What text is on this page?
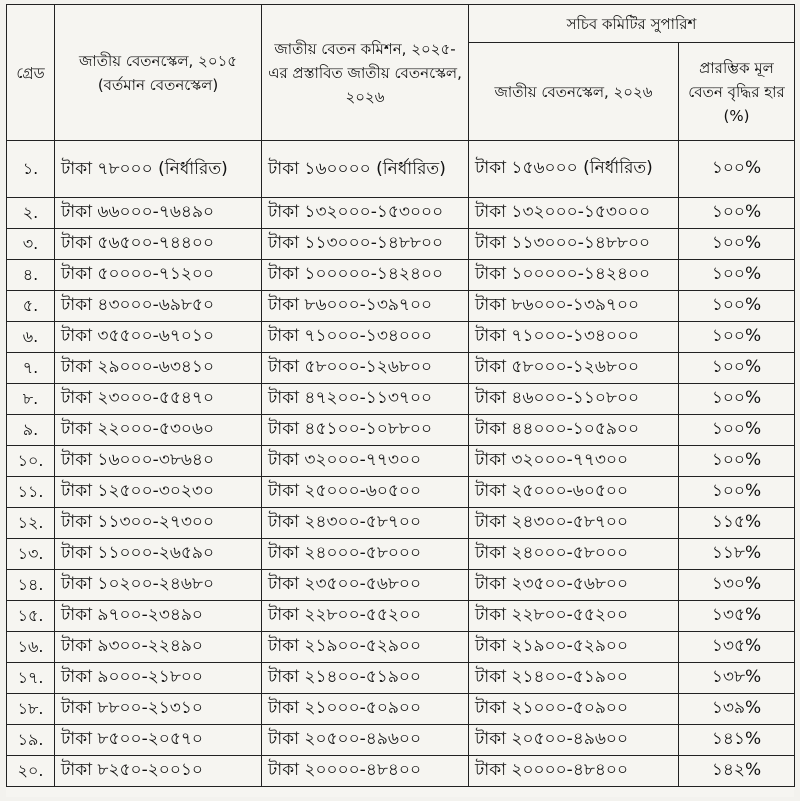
গ্রেড	জাতীয় বেতনস্কেল, ২০১৫ (বর্তমান বেতনস্কেল)	জাতীয় বেতন কমিশন, ২০২৫-এর প্রস্তাবিত জাতীয় বেতনস্কেল, ২০২৬	সচিব কমিটির সুপারিশ	
			জাতীয় বেতনস্কেল, ২০২৬	প্রারম্ভিক মূল বেতন বৃদ্ধির হার (%)
১.	টাকা ৭৮০০০ (নির্ধারিত)	টাকা ১৬০০০০ (নির্ধারিত)	টাকা ১৫৬০০০ (নির্ধারিত)	১০০%
২.	টাকা ৬৬০০০-৭৬৪৯০	টাকা ১৩২০০০-১৫৩০০০	টাকা ১৩২০০০-১৫৩০০০	১০০%
৩.	টাকা ৫৬৫০০-৭৪৪০০	টাকা ১১৩০০০-১৪৮৮০০	টাকা ১১৩০০০-১৪৮৮০০	১০০%
৪.	টাকা ৫০০০০-৭১২০০	টাকা ১০০০০০-১৪২৪০০	টাকা ১০০০০০-১৪২৪০০	১০০%
৫.	টাকা ৪৩০০০-৬৯৮৫০	টাকা ৮৬০০০-১৩৯৭০০	টাকা ৮৬০০০-১৩৯৭০০	১০০%
৬.	টাকা ৩৫৫০০-৬৭০১০	টাকা ৭১০০০-১৩৪০০০	টাকা ৭১০০০-১৩৪০০০	১০০%
৭.	টাকা ২৯০০০-৬৩৪১০	টাকা ৫৮০০০-১২৬৮০০	টাকা ৫৮০০০-১২৬৮০০	১০০%
৮.	টাকা ২৩০০০-৫৫৪৭০	টাকা ৪৭২০০-১১৩৭০০	টাকা ৪৬০০০-১১০৮০০	১০০%
৯.	টাকা ২২০০০-৫৩০৬০	টাকা ৪৫১০০-১০৮৮০০	টাকা ৪৪০০০-১০৫৯০০	১০০%
১০.	টাকা ১৬০০০-৩৮৬৪০	টাকা ৩২০০০-৭৭৩০০	টাকা ৩২০০০-৭৭৩০০	১০০%
১১.	টাকা ১২৫০০-৩০২৩০	টাকা ২৫০০০-৬০৫০০	টাকা ২৫০০০-৬০৫০০	১০০%
১২.	টাকা ১১৩০০-২৭৩০০	টাকা ২৪৩০০-৫৮৭০০	টাকা ২৪৩০০-৫৮৭০০	১১৫%
১৩.	টাকা ১১০০০-২৬৫৯০	টাকা ২৪০০০-৫৮০০০	টাকা ২৪০০০-৫৮০০০	১১৮%
১৪.	টাকা ১০২০০-২৪৬৮০	টাকা ২৩৫০০-৫৬৮০০	টাকা ২৩৫০০-৫৬৮০০	১৩০%
১৫.	টাকা ৯৭০০-২৩৪৯০	টাকা ২২৮০০-৫৫২০০	টাকা ২২৮০০-৫৫২০০	১৩৫%
১৬.	টাকা ৯৩০০-২২৪৯০	টাকা ২১৯০০-৫২৯০০	টাকা ২১৯০০-৫২৯০০	১৩৫%
১৭.	টাকা ৯০০০-২১৮০০	টাকা ২১৪০০-৫১৯০০	টাকা ২১৪০০-৫১৯০০	১৩৮%
১৮.	টাকা ৮৮০০-২১৩১০	টাকা ২১০০০-৫০৯০০	টাকা ২১০০০-৫০৯০০	১৩৯%
১৯.	টাকা ৮৫০০-২০৫৭০	টাকা ২০৫০০-৪৯৬০০	টাকা ২০৫০০-৪৯৬০০	১৪১%
২০.	টাকা ৮২৫০-২০০১০	টাকা ২০০০০-৪৮৪০০	টাকা ২০০০০-৪৮৪০০	১৪২%
